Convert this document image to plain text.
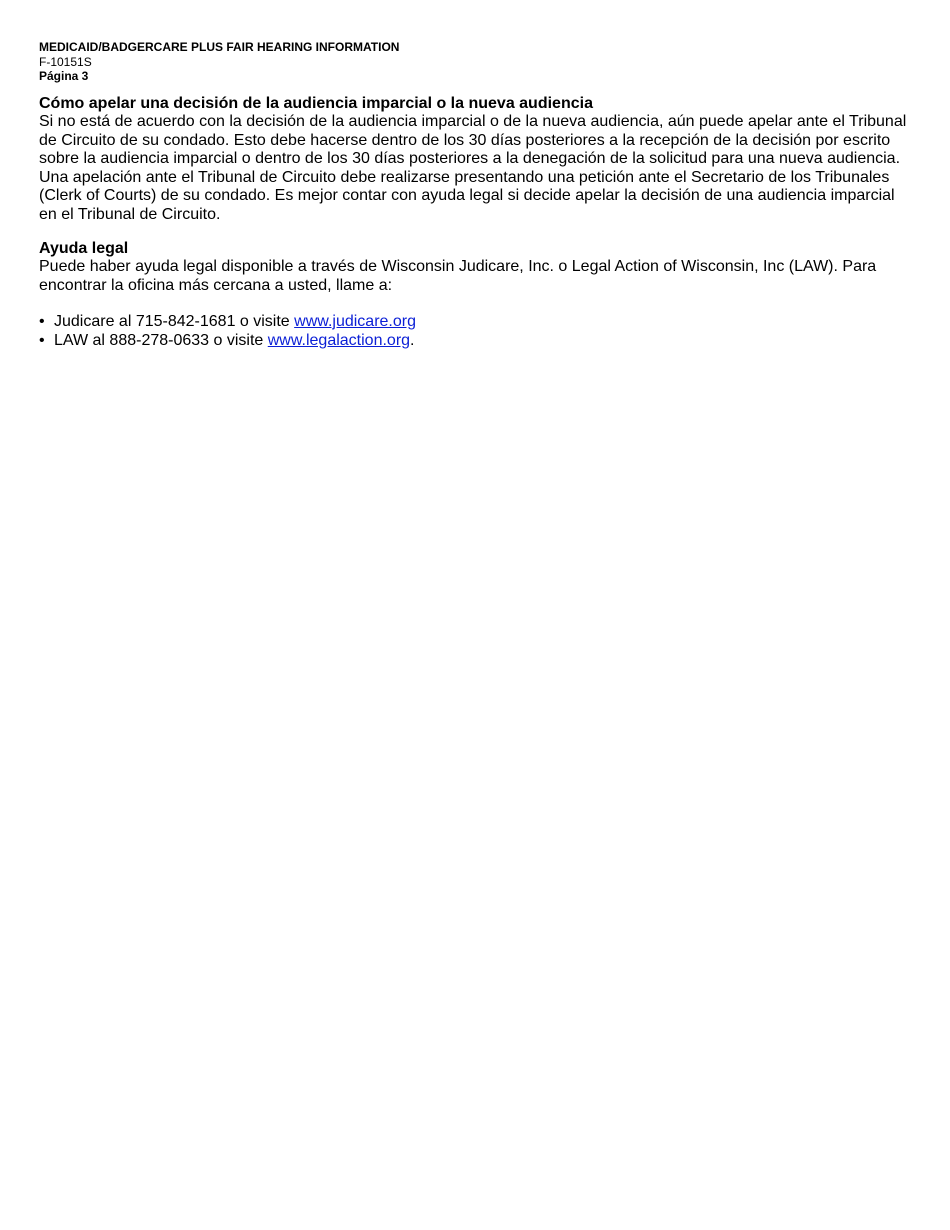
MEDICAID/BADGERCARE PLUS FAIR HEARING INFORMATION

F-10151S

Página 3

Cómo apelar una decisión de la audiencia imparcial o la nueva audiencia

Si no está de acuerdo con la decisión de la audiencia imparcial o de la nueva audiencia, aún puede apelar ante el Tribunal de Circuito de su condado. Esto debe hacerse dentro de los 30 días posteriores a la recepción de la decisión por escrito sobre la audiencia imparcial o dentro de los 30 días posteriores a la denegación de la solicitud para una nueva audiencia. Una apelación ante el Tribunal de Circuito debe realizarse presentando una petición ante el Secretario de los Tribunales (Clerk of Courts) de su condado. Es mejor contar con ayuda legal si decide apelar la decisión de una audiencia imparcial en el Tribunal de Circuito.

Ayuda legal

Puede haber ayuda legal disponible a través de Wisconsin Judicare, Inc. o Legal Action of Wisconsin, Inc (LAW). Para encontrar la oficina más cercana a usted, llame a:

• Judicare al 715-842-1681 o visite www.judicare.org
• LAW al 888-278-0633 o visite www.legalaction.org.
